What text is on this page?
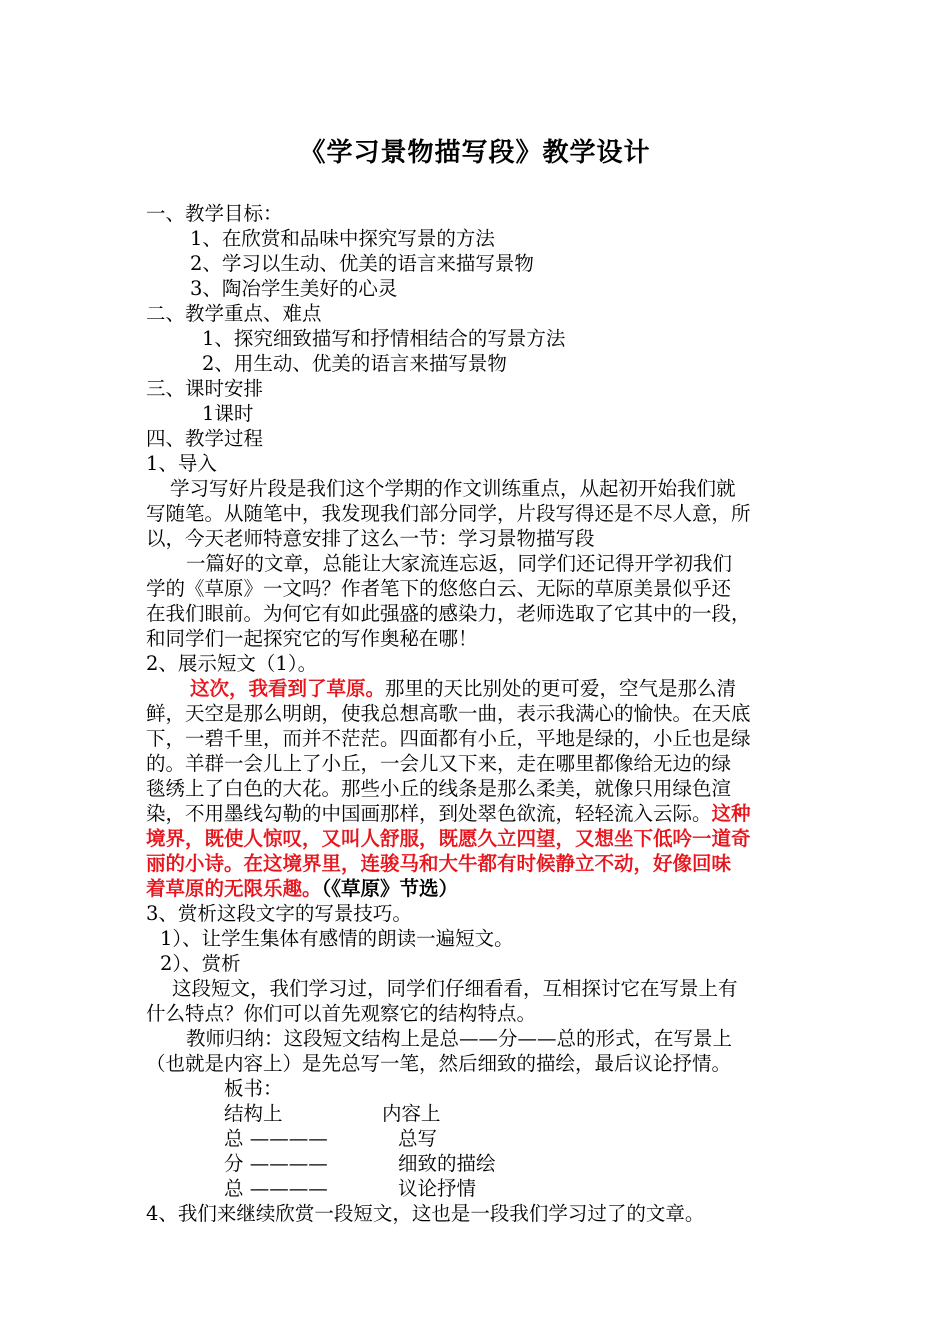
《学习景物描写段》教学设计
一、教学目标：
1、在欣赏和品味中探究写景的方法
2、学习以生动、优美的语言来描写景物
3、陶冶学生美好的心灵
二、教学重点、难点
1、探究细致描写和抒情相结合的写景方法
2、用生动、优美的语言来描写景物
三、课时安排
1课时
四、教学过程
1、导入
学习写好片段是我们这个学期的作文训练重点，从起初开始我们就
写随笔。从随笔中，我发现我们部分同学，片段写得还是不尽人意，所
以，今天老师特意安排了这么一节：学习景物描写段
一篇好的文章，总能让大家流连忘返，同学们还记得开学初我们
学的《草原》一文吗？作者笔下的悠悠白云、无际的草原美景似乎还
在我们眼前。为何它有如此强盛的感染力，老师选取了它其中的一段，
和同学们一起探究它的写作奥秘在哪！
2、展示短文（1）。
这次，我看到了草原。那里的天比别处的更可爱，空气是那么清
鲜，天空是那么明朗，使我总想高歌一曲，表示我满心的愉快。在天底
下，一碧千里，而并不茫茫。四面都有小丘，平地是绿的，小丘也是绿
的。羊群一会儿上了小丘，一会儿又下来，走在哪里都像给无边的绿
毯绣上了白色的大花。那些小丘的线条是那么柔美，就像只用绿色渲
染，不用墨线勾勒的中国画那样，到处翠色欲流，轻轻流入云际。这种
境界，既使人惊叹，又叫人舒服，既愿久立四望，又想坐下低吟一道奇
丽的小诗。在这境界里，连骏马和大牛都有时候静立不动，好像回味
着草原的无限乐趣。（《草原》节选）
3、赏析这段文字的写景技巧。
1）、让学生集体有感情的朗读一遍短文。
2）、赏析
这段短文，我们学习过，同学们仔细看看，互相探讨它在写景上有
什么特点？你们可以首先观察它的结构特点。
教师归纳：这段短文结构上是总——分——总的形式，在写景上
（也就是内容上）是先总写一笔，然后细致的描绘，最后议论抒情。
板书：
结构上	内容上
总 ————	总写
分 ————	细致的描绘
总 ————	议论抒情
4、我们来继续欣赏一段短文，这也是一段我们学习过了的文章。
